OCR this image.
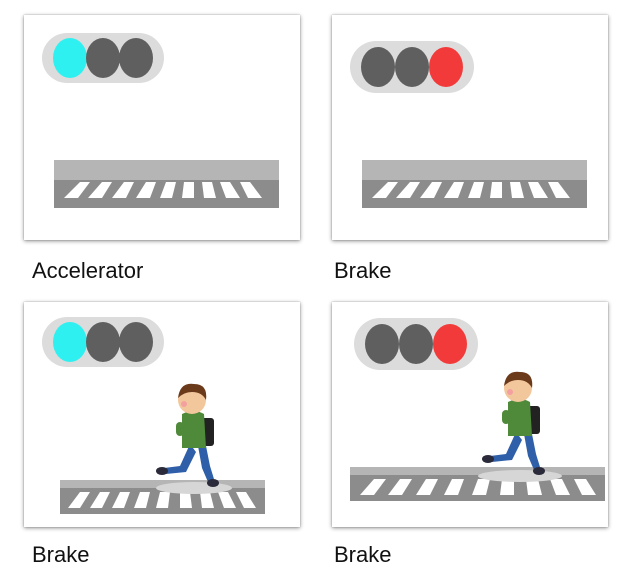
Accelerator	Brake
Brake	Brake
